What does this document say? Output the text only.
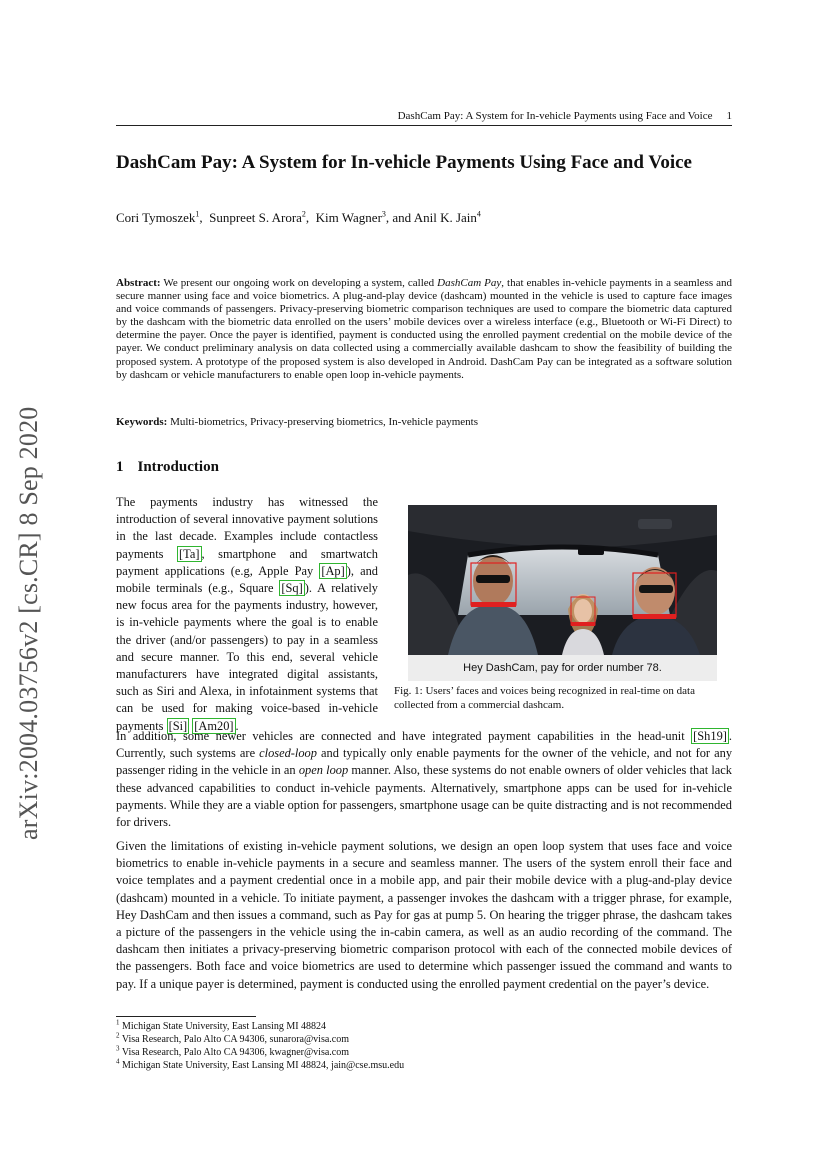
DashCam Pay: A System for In-vehicle Payments using Face and Voice 1
DashCam Pay: A System for In-vehicle Payments Using Face and Voice
Cori Tymoszek$^1$,  Sunpreet S. Arora$^2$,  Kim Wagner$^3$, and Anil K. Jain$^4$
arXiv:2004.03756v2 [cs.CR] 8 Sep 2020
Abstract: We present our ongoing work on developing a system, called DashCam Pay, that enables in-vehicle payments in a seamless and secure manner using face and voice biometrics. A plug-and-play device (dashcam) mounted in the vehicle is used to capture face images and voice commands of passengers. Privacy-preserving biometric comparison techniques are used to compare the biometric data captured by the dashcam with the biometric data enrolled on the users’ mobile devices over a wireless interface (e.g., Bluetooth or Wi-Fi Direct) to determine the payer. Once the payer is identified, payment is conducted using the enrolled payment credential on the mobile device of the payer. We conduct preliminary analysis on data collected using a commercially available dashcam to show the feasibility of building the proposed system. A prototype of the proposed system is also developed in Android. DashCam Pay can be integrated as a software solution by dashcam or vehicle manufacturers to enable open loop in-vehicle payments.
Keywords: Multi-biometrics, Privacy-preserving biometrics, In-vehicle payments
1 Introduction
The payments industry has witnessed the introduction of several innovative payment solutions in the last decade. Examples include contactless payments [Ta] , smartphone and smartwatch payment applications (e.g, Apple Pay [Ap] ), and mobile terminals (e.g., Square [Sq] ). A relatively new focus area for the payments industry, however, is in-vehicle payments where the goal is to enable the driver (and/or passengers) to pay in a seamless and secure manner. To this end, several vehicle manufacturers have integrated digital assistants, such as Siri and Alexa, in infotainment systems that can be used for making voice-based in-vehicle payments [Si] [Am20] .
In addition, some newer vehicles are connected and have integrated payment capabilities in the head-unit [Sh19] . Currently, such systems are closed-loop and typically only enable payments for the owner of the vehicle, and not for any passenger riding in the vehicle in an open loop manner. Also, these systems do not enable owners of older vehicles that lack these advanced capabilities to conduct in-vehicle payments. Alternatively, smartphone apps can be used for in-vehicle payments. While they are a viable option for passengers, smartphone usage can be quite distracting and is not recommended for drivers.
Given the limitations of existing in-vehicle payment solutions, we design an open loop system that uses face and voice biometrics to enable in-vehicle payments in a secure and seamless manner. The users of the system enroll their face and voice templates and a payment credential once in a mobile app, and pair their mobile device with a plug-and-play device (dashcam) mounted in a vehicle. To initiate payment, a passenger invokes the dashcam with a trigger phrase, for example, Hey DashCam and then issues a command, such as Pay for gas at pump 5. On hearing the trigger phrase, the dashcam takes a picture of the passengers in the vehicle using the in-cabin camera, as well as an audio recording of the command. The dashcam then initiates a privacy-preserving biometric comparison protocol with each of the connected mobile devices of the passengers. Both face and voice biometrics are used to determine which passenger issued the command and wants to pay. If a unique payer is determined, payment is conducted using the enrolled payment credential on the payer’s device.
Hey DashCam, pay for order number 78.
Fig. 1: Users’ faces and voices being recognized in real-time on data collected from a commercial dashcam.
$^1$ Michigan State University, East Lansing MI 48824
$^2$ Visa Research, Palo Alto CA 94306, sunarora@visa.com
$^3$ Visa Research, Palo Alto CA 94306, kwagner@visa.com
$^4$ Michigan State University, East Lansing MI 48824, jain@cse.msu.edu
